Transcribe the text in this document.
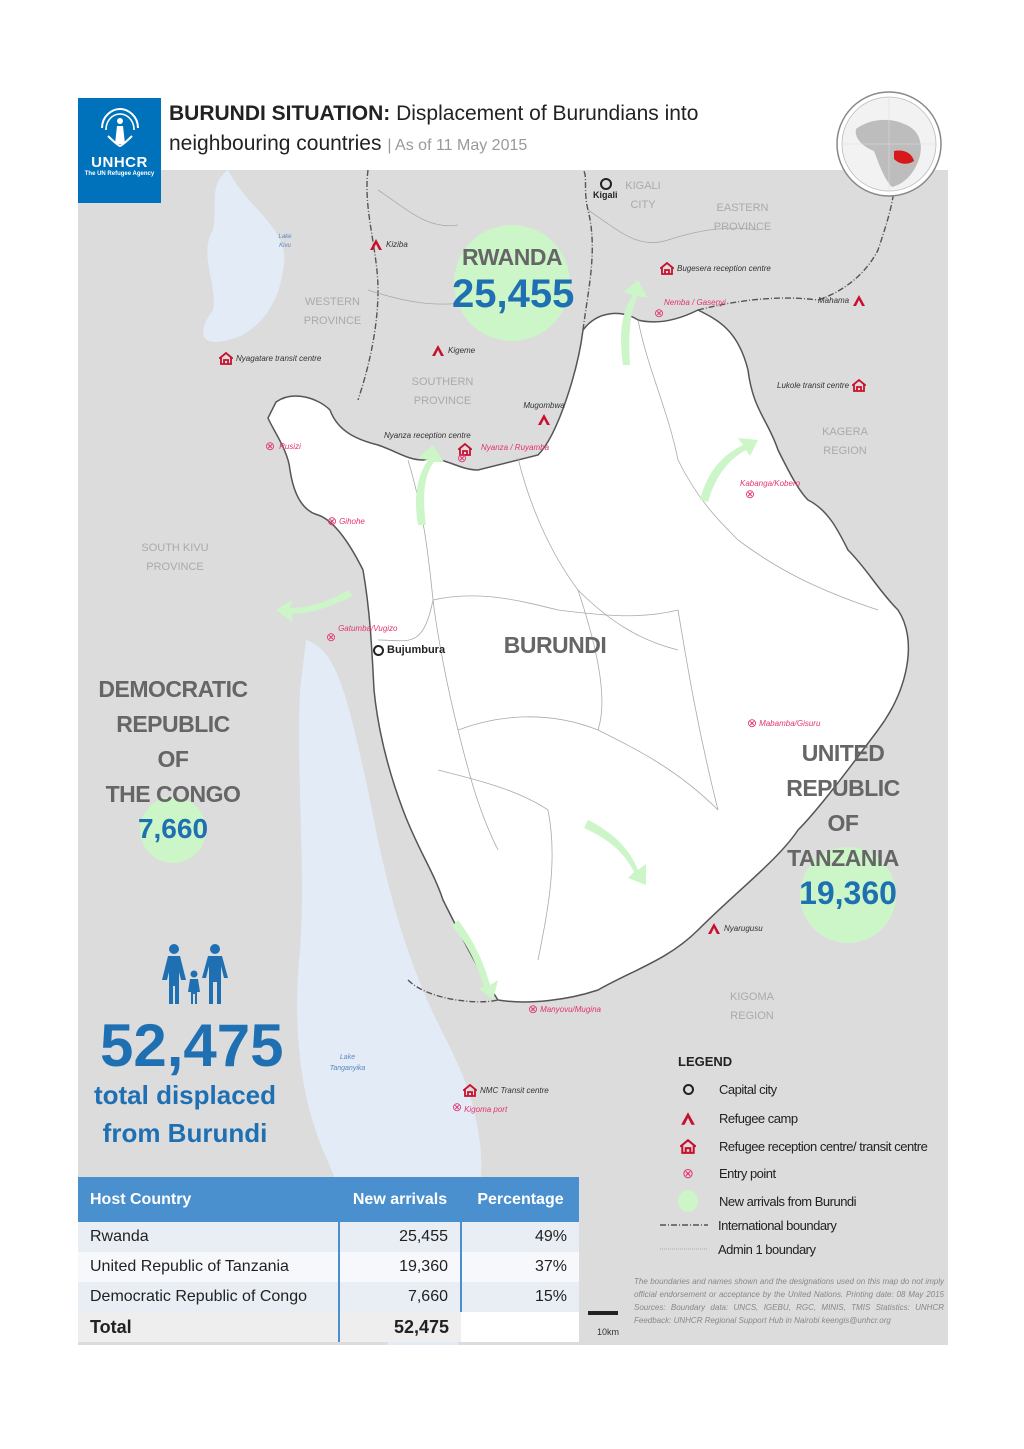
UNHCR
The UN Refugee Agency
BURUNDI SITUATION: Displacement of Burundians into
neighbouring countries | As of 11 May 2015
RWANDA
25,455
BURUNDI
DEMOCRATIC
REPUBLIC OF
THE CONGO
7,660
UNITED
REPUBLIC OF
TANZANIA
19,360
KIGALI
CITY	EASTERN
PROVINCE
WESTERN
PROVINCE
SOUTHERN
PROVINCE
KAGERA
REGION
SOUTH KIVU
PROVINCE
KIGOMA
REGION
Lake
Kivu
Lake
Tanganyika
Kigali
Bujumbura
Kiziba
Kigeme
Mugombwa
Mahama
Nyarugusu
Bugesera reception centre
Nyagatare transit centre
Nyanza reception centre
Lukole transit centre
NMC Transit centre
Nemba / Gasenyi
⊗
⊗ Rusizi	Nyanza / Ruyamba
⊗
Kabanga/Kobero
⊗
⊗ Gihohe
⊗
Gatumba/Vugizo
⊗ Mabamba/Gisuru
⊗ Manyovu/Mugina
⊗ Kigoma port
52,475
total displaced
from Burundi
Host Country	New arrivals	Percentage
Rwanda	25,455	49%
United Republic of Tanzania	19,360	37%
Democratic Republic of Congo	7,660	15%
Total	52,475	
LEGEND
Capital city
Refugee camp
Refugee reception centre/ transit centre
⊗	Entry point
New arrivals from Burundi
International boundary
Admin 1 boundary
The boundaries and names shown and the designations used on this map do not imply official endorsement or acceptance by the United Nations. Printing date: 08 May 2015 Sources: Boundary data: UNCS, IGEBU, RGC, MINIS, TMIS Statistics: UNHCR Feedback: UNHCR Regional Support Hub in Nairobi keengis@unhcr.org
10km
